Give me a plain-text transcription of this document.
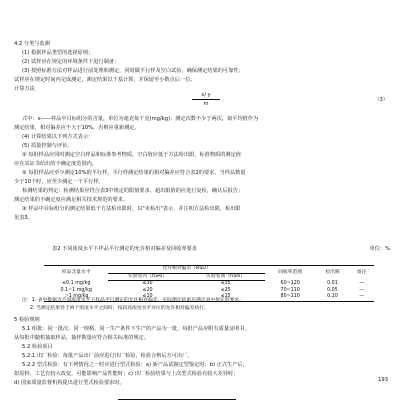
4.2 分类与监测
(1) 根据样品类型的选择原则；
(2) 试样应在规定的环境条件下进行制备；
(3) 按照标准方法对样品进行前处理和测定，同时做平行样及空白试验，确保测定结果的可靠性；
试样应在规定时间内完成测定，测定结果以干基计算，并保留至小数点后一位。
计算方法
x/ y
m
（3）
式中：x——样品中目标组分的含量，单位为毫克每千克(mg/kg)；测定次数不少于两次，取平均值作为
测定结果，相对偏差应不大于10%，否则应重新测定。
(4) 计算结果以下列方式表示：
(5) 质量控制与评价。
① 每批样品应同时测定空白样品和标准参考物质，空白值应低于方法检出限，标准物质的测定值
应在其证书给出的不确定度范围内。
② 每批样品应至少测定10%的平行样，平行样测定结果的相对偏差应符合表2的要求，当样品数量
少于10个时，应至少测定一个平行样。
检测结果的判定：检测结果应符合表3中规定的限值要求，超出限值的应进行复检，确认后报告；
测定结果的不确定度应满足相关技术规范的要求。
③ 样品中目标组分的测定结果低于方法检出限时，以"未检出"表示，并注明方法检出限，检出限
见表3。
表2 不同浓度水平下样品平行测定的允许相对偏差及回收率要求	单位：%
样品含量水平	允许相对偏差（RSD）		回收率范围	检出限	备注
	实验室内（n≥6）	实验室间（n≥6）			
≤0.1 mg/kg	≤30	≤35	60~120	0.01	—
0.1~1 mg/kg	≤20	≤25	70~110	0.05	—
＞1 mg/kg	≤10	≤15	80~110	0.10	—
注：1. 表中数据为不同浓度水平下样品平行测定的允许相对偏差，实际测定结果应满足表中规定的要求。
2. 当测定结果处于两个浓度水平之间时，按较高浓度水平对应的允许相对偏差执行。
5 检验规则
5.1 组批：同一批次、同一规格、同一生产条件下生产的产品为一批，每批产品应附有质量证明书。
从每批中随机抽取样品，抽样数量应符合相关标准的规定。
5.2 检验项目
5.2.1 出厂检验：每批产品出厂前应进行出厂检验，检验合格后方可出厂。
5.2.2 型式检验：有下列情况之一时应进行型式检验：a) 新产品试制定型鉴定时；b) 正式生产后，
如原料、工艺有较大改变，可能影响产品性能时；c) 出厂检验结果与上次型式检验有较大差异时；
d) 国家质量监督机构提出进行型式检验要求时。	193
